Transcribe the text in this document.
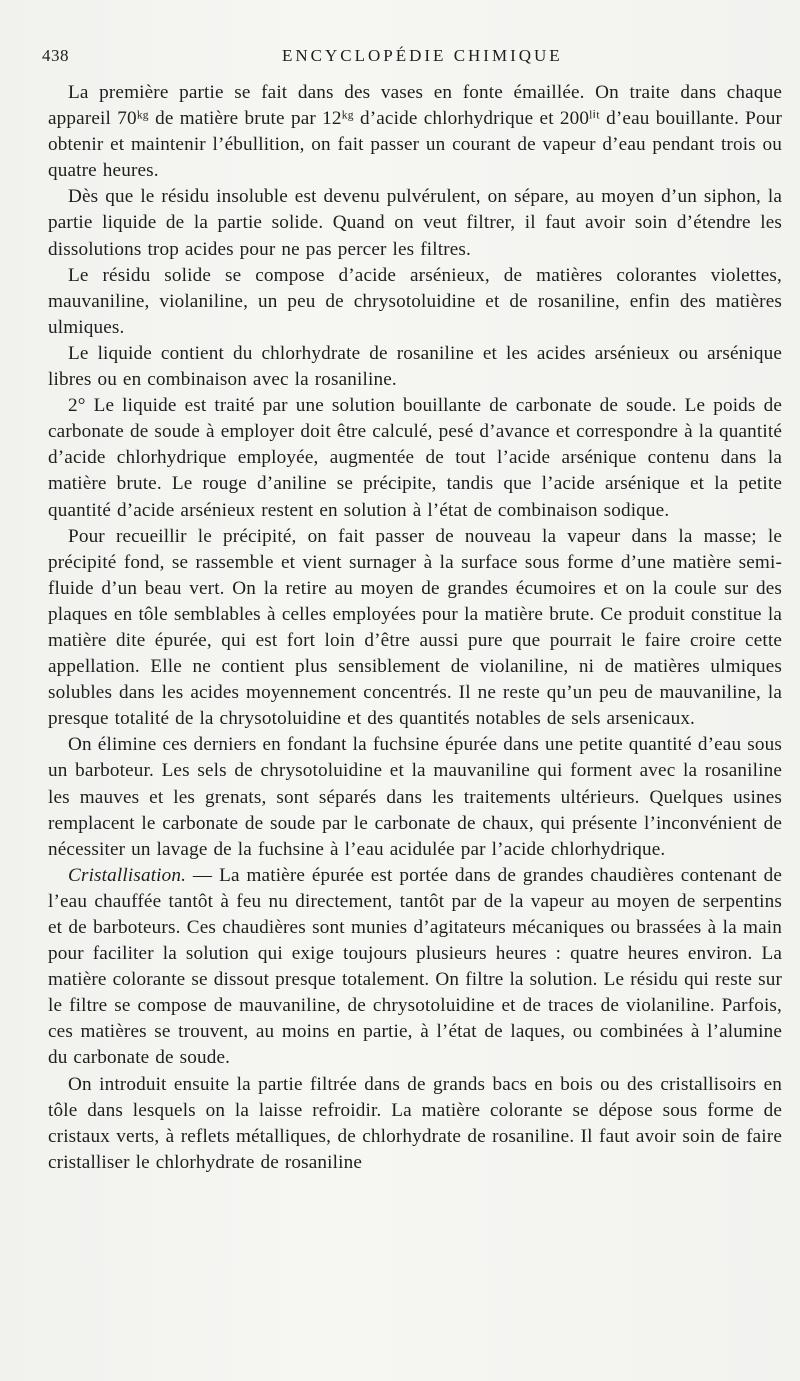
438	ENCYCLOPÉDIE CHIMIQUE

La première partie se fait dans des vases en fonte émaillée. On traite dans chaque appareil 70ᵏᵍ de matière brute par 12ᵏᵍ d’acide chlorhydrique et 200ˡⁱᵗ d’eau bouillante. Pour obtenir et maintenir l’ébullition, on fait passer un courant de vapeur d’eau pendant trois ou quatre heures.

Dès que le résidu insoluble est devenu pulvérulent, on sépare, au moyen d’un siphon, la partie liquide de la partie solide. Quand on veut filtrer, il faut avoir soin d’étendre les dissolutions trop acides pour ne pas percer les filtres.

Le résidu solide se compose d’acide arsénieux, de matières colorantes violettes, mauvaniline, violaniline, un peu de chrysotoluidine et de rosaniline, enfin des matières ulmiques.

Le liquide contient du chlorhydrate de rosaniline et les acides arsénieux ou arsénique libres ou en combinaison avec la rosaniline.

2° Le liquide est traité par une solution bouillante de carbonate de soude. Le poids de carbonate de soude à employer doit être calculé, pesé d’avance et correspondre à la quantité d’acide chlorhydrique employée, augmentée de tout l’acide arsénique contenu dans la matière brute. Le rouge d’aniline se précipite, tandis que l’acide arsénique et la petite quantité d’acide arsénieux restent en solution à l’état de combinaison sodique.

Pour recueillir le précipité, on fait passer de nouveau la vapeur dans la masse; le précipité fond, se rassemble et vient surnager à la surface sous forme d’une matière semi-fluide d’un beau vert. On la retire au moyen de grandes écumoires et on la coule sur des plaques en tôle semblables à celles employées pour la matière brute. Ce produit constitue la matière dite épurée, qui est fort loin d’être aussi pure que pourrait le faire croire cette appellation. Elle ne contient plus sensiblement de violaniline, ni de matières ulmiques solubles dans les acides moyennement concentrés. Il ne reste qu’un peu de mauvaniline, la presque totalité de la chrysotoluidine et des quantités notables de sels arsenicaux.

On élimine ces derniers en fondant la fuchsine épurée dans une petite quantité d’eau sous un barboteur. Les sels de chrysotoluidine et la mauvaniline qui forment avec la rosaniline les mauves et les grenats, sont séparés dans les traitements ultérieurs. Quelques usines remplacent le carbonate de soude par le carbonate de chaux, qui présente l’inconvénient de nécessiter un lavage de la fuchsine à l’eau acidulée par l’acide chlorhydrique.

Cristallisation. — La matière épurée est portée dans de grandes chaudières contenant de l’eau chauffée tantôt à feu nu directement, tantôt par de la vapeur au moyen de serpentins et de barboteurs. Ces chaudières sont munies d’agitateurs mécaniques ou brassées à la main pour faciliter la solution qui exige toujours plusieurs heures : quatre heures environ. La matière colorante se dissout presque totalement. On filtre la solution. Le résidu qui reste sur le filtre se compose de mauvaniline, de chrysotoluidine et de traces de violaniline. Parfois, ces matières se trouvent, au moins en partie, à l’état de laques, ou combinées à l’alumine du carbonate de soude.

On introduit ensuite la partie filtrée dans de grands bacs en bois ou des cristallisoirs en tôle dans lesquels on la laisse refroidir. La matière colorante se dépose sous forme de cristaux verts, à reflets métalliques, de chlorhydrate de rosaniline. Il faut avoir soin de faire cristalliser le chlorhydrate de rosaniline
